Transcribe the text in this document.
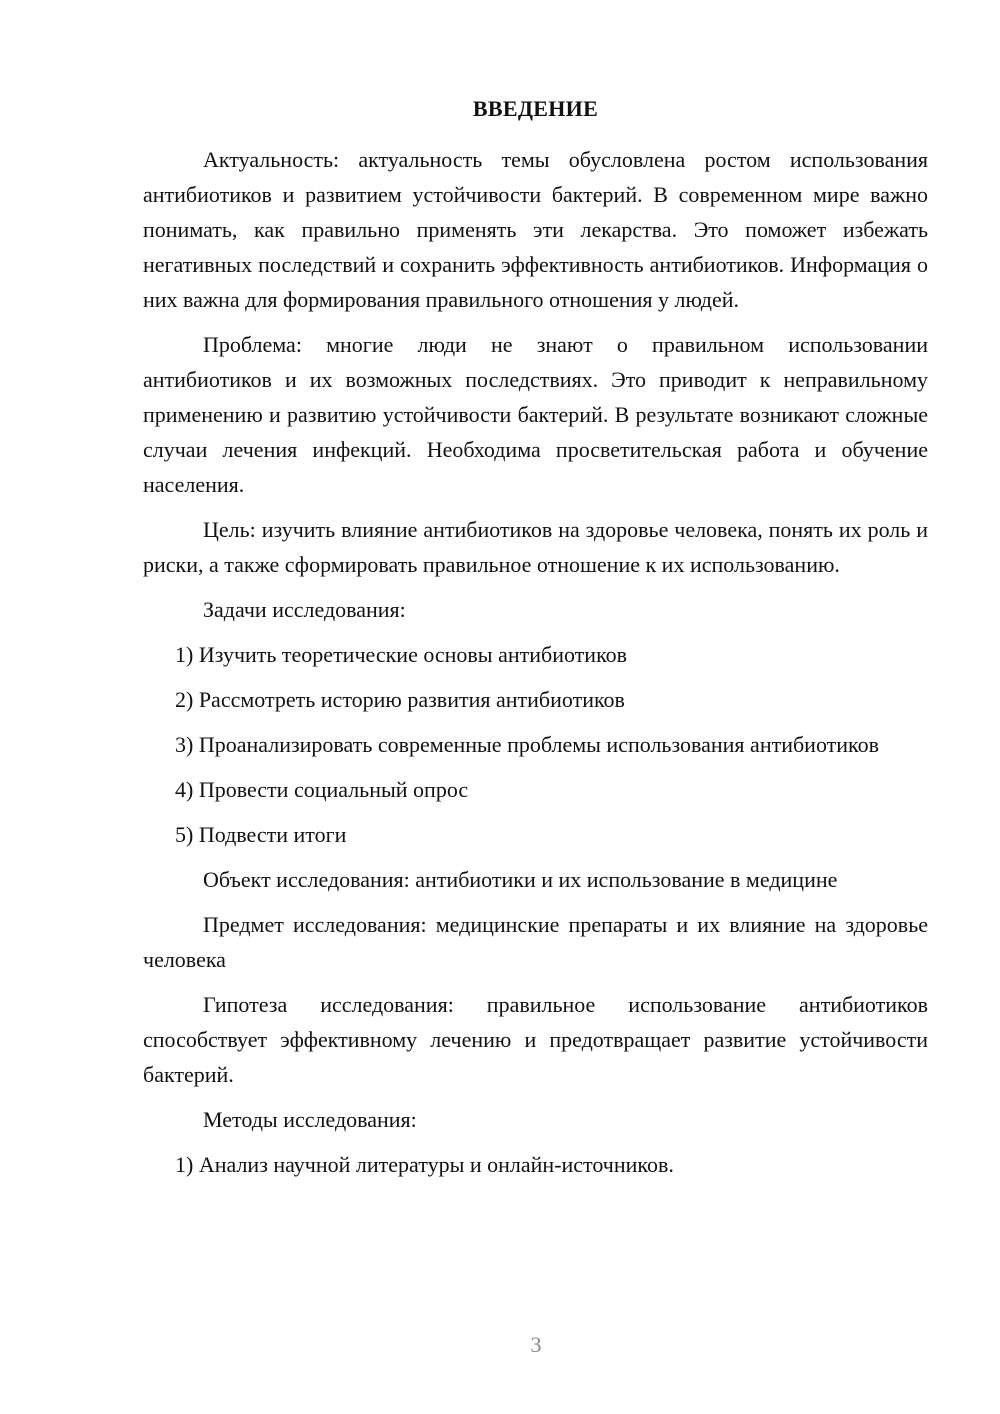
ВВЕДЕНИЕ

Актуальность: актуальность темы обусловлена ростом использования антибиотиков и развитием устойчивости бактерий. В современном мире важно понимать, как правильно применять эти лекарства. Это поможет избежать негативных последствий и сохранить эффективность антибиотиков. Информация о них важна для формирования правильного отношения у людей.

Проблема: многие люди не знают о правильном использовании антибиотиков и их возможных последствиях. Это приводит к неправильному применению и развитию устойчивости бактерий. В результате возникают сложные случаи лечения инфекций. Необходима просветительская работа и обучение населения.

Цель: изучить влияние антибиотиков на здоровье человека, понять их роль и риски, а также сформировать правильное отношение к их использованию.

Задачи исследования:

1) Изучить теоретические основы антибиотиков

2) Рассмотреть историю развития антибиотиков

3) Проанализировать современные проблемы использования антибиотиков

4) Провести социальный опрос

5) Подвести итоги

Объект исследования: антибиотики и их использование в медицине

Предмет исследования: медицинские препараты и их влияние на здоровье человека

Гипотеза исследования: правильное использование антибиотиков способствует эффективному лечению и предотвращает развитие устойчивости бактерий.

Методы исследования:

1) Анализ научной литературы и онлайн-источников.

3
